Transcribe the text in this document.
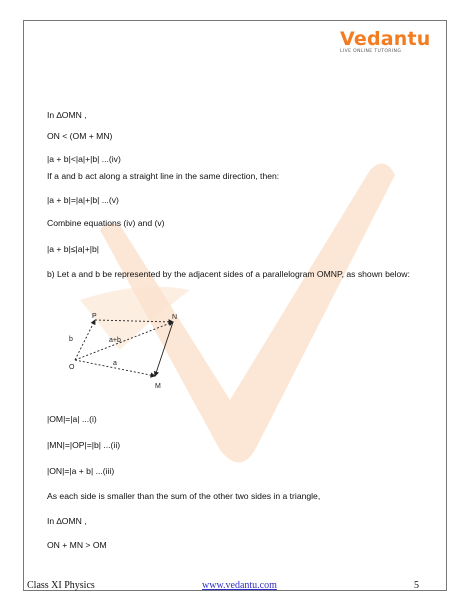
Vedantu
LIVE ONLINE TUTORING
In ∆OMN ,
ON < (OM + MN)
|a + b|<|a|+|b| ...(iv)
If a and b act along a straight line in the same direction, then:
|a + b|=|a|+|b| ...(v)
Combine equations (iv) and (v)
|a + b|≤|a|+|b|
b) Let a and b be represented by the adjacent sides of a parallelogram OMNP, as shown below:
P	N
O
M
b
a
a+b
|OM|=|a| ...(i)
|MN|=|OP|=|b| ...(ii)
|ON|=|a + b| ...(iii)
As each side is smaller than the sum of the other two sides in a triangle,
In ∆OMN ,
ON + MN > OM
Class XI Physics	www.vedantu.com	5
